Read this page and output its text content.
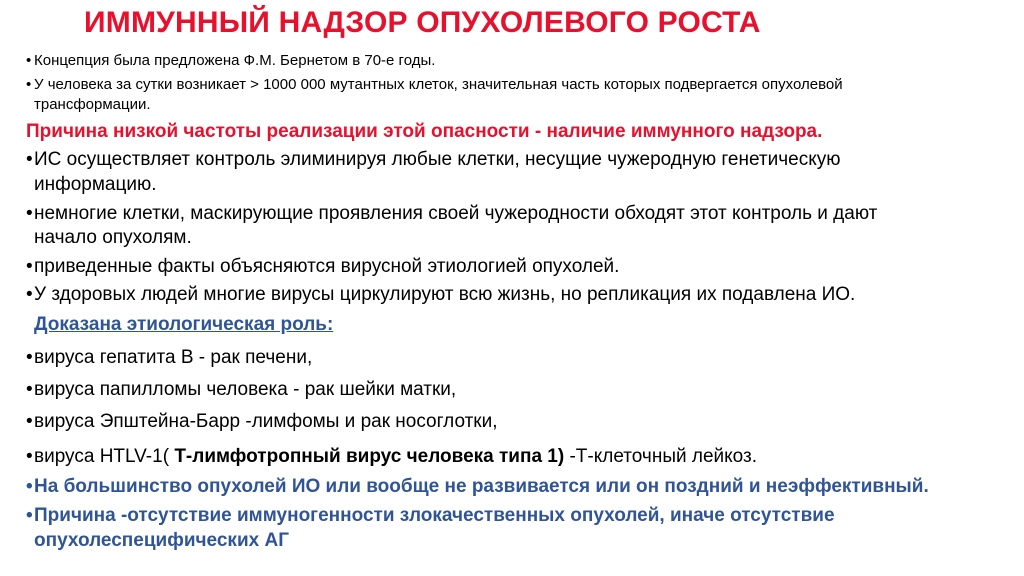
ИММУННЫЙ НАДЗОР ОПУХОЛЕВОГО РОСТА
• Концепция была предложена Ф.М. Бернетом в 70-е годы.
• У человека за сутки возникает > 1000 000 мутантных клеток, значительная часть которых подвергается опухолевой
трансформации.
Причина низкой частоты реализации этой опасности - наличие иммунного надзора.
•ИС осуществляет контроль элиминируя любые клетки, несущие чужеродную генетическую
информацию.
•немногие клетки, маскирующие проявления своей чужеродности обходят этот контроль и дают
начало опухолям.
•приведенные факты объясняются вирусной этиологией опухолей.
•У здоровых людей многие вирусы циркулируют всю жизнь, но репликация их подавлена ИО.
Доказана этиологическая роль:
•вируса гепатита В - рак печени,
•вируса папилломы человека - рак шейки матки,
•вируса Эпштейна-Барр -лимфомы и рак носоглотки,
•вируса HTLV-1( Т-лимфотропный вирус человека типа 1) -Т-клеточный лейкоз.
•На большинство опухолей ИО или вообще не развивается или он поздний и неэффективный.
•Причина -отсутствие иммуногенности злокачественных опухолей, иначе отсутствие
опухолеспецифических АГ
